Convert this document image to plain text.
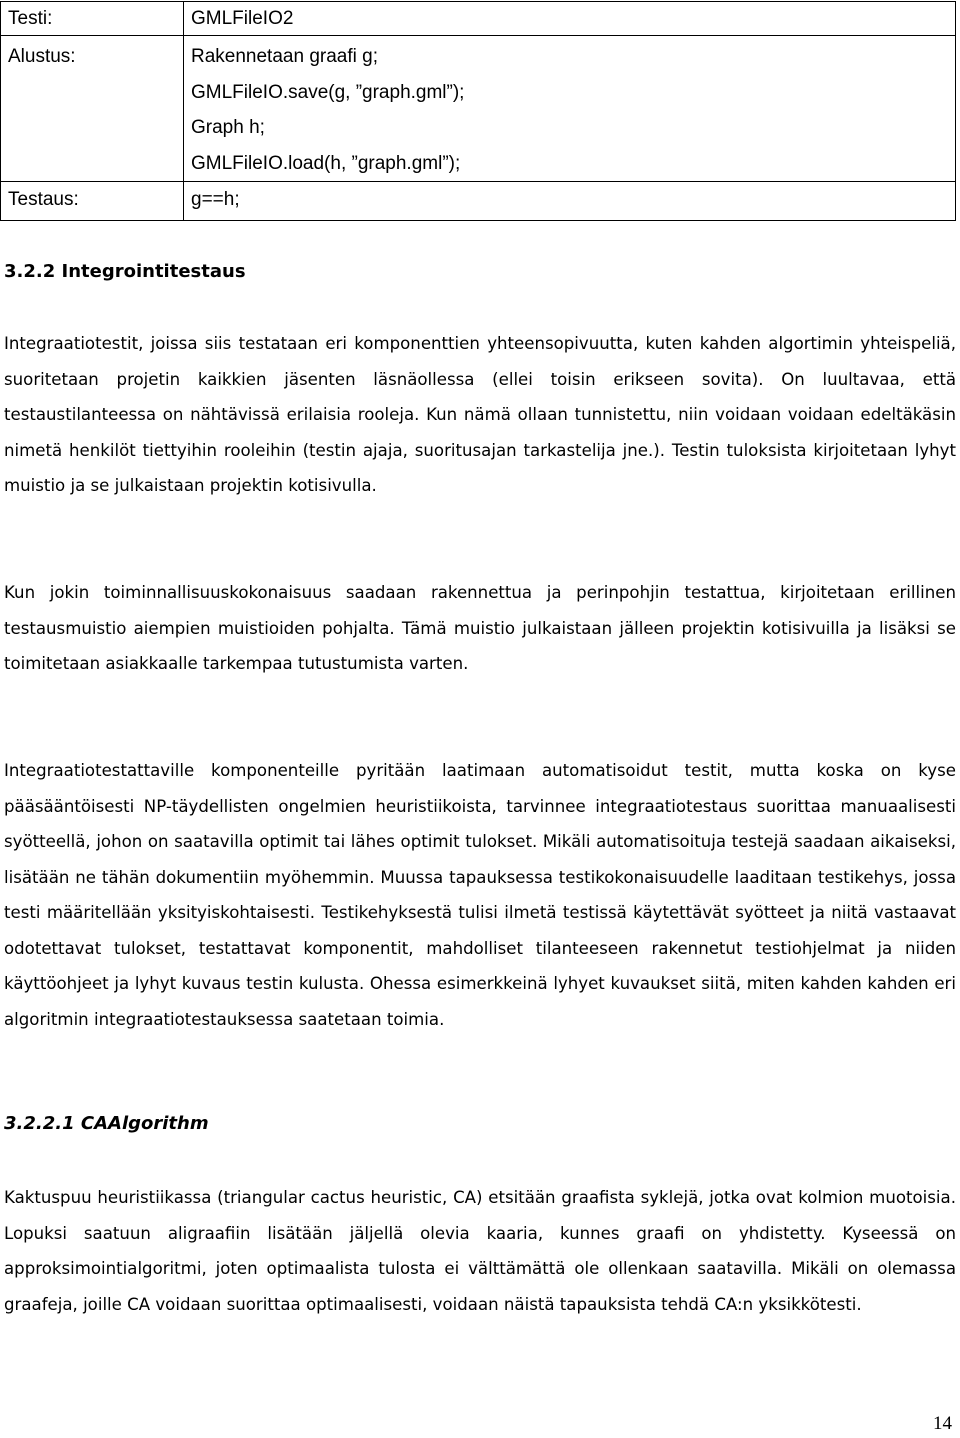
Testi:	GMLFileIO2
Alustus:	Rakennetaan graafi g;
GMLFileIO.save(g, ”graph.gml”);
Graph h;
GMLFileIO.load(h, ”graph.gml”);

Testaus:	g==h;
3.2.2 Integrointitestaus

Integraatiotestit, joissa siis testataan eri komponenttien yhteensopivuutta, kuten kahden algortimin yhteispeliä, suoritetaan projetin kaikkien jäsenten läsnäollessa (ellei toisin erikseen sovita). On luultavaa, että testaustilanteessa on nähtävissä erilaisia rooleja. Kun nämä ollaan tunnistettu, niin voidaan voidaan edeltäkäsin nimetä henkilöt tiettyihin rooleihin (testin ajaja, suoritusajan tarkastelija jne.). Testin tuloksista kirjoitetaan lyhyt muistio ja se julkaistaan projektin kotisivulla.

Kun jokin toiminnallisuuskokonaisuus saadaan rakennettua ja perinpohjin testattua, kirjoitetaan erillinen testausmuistio aiempien muistioiden pohjalta. Tämä muistio julkaistaan jälleen projektin kotisivuilla ja lisäksi se toimitetaan asiakkaalle tarkempaa tutustumista varten.

Integraatiotestattaville komponenteille pyritään laatimaan automatisoidut testit, mutta koska on kyse pääsääntöisesti NP-täydellisten ongelmien heuristiikoista, tarvinnee integraatiotestaus suorittaa manuaalisesti syötteellä, johon on saatavilla optimit tai lähes optimit tulokset. Mikäli automatisoituja testejä saadaan aikaiseksi, lisätään ne tähän dokumentiin myöhemmin. Muussa tapauksessa testikokonaisuudelle laaditaan testikehys, jossa testi määritellään yksityiskohtaisesti. Testikehyksestä tulisi ilmetä testissä käytettävät syötteet ja niitä vastaavat odotettavat tulokset, testattavat komponentit, mahdolliset tilanteeseen rakennetut testiohjelmat ja niiden käyttöohjeet ja lyhyt kuvaus testin kulusta. Ohessa esimerkkeinä lyhyet kuvaukset siitä, miten kahden kahden eri algoritmin integraatiotestauksessa saatetaan toimia.

3.2.2.1 CAAlgorithm

Kaktuspuu heuristiikassa (triangular cactus heuristic, CA) etsitään graafista syklejä, jotka ovat kolmion muotoisia. Lopuksi saatuun aligraafiin lisätään jäljellä olevia kaaria, kunnes graafi on yhdistetty. Kyseessä on approksimointialgoritmi, joten optimaalista tulosta ei välttämättä ole ollenkaan saatavilla. Mikäli on olemassa graafeja, joille CA voidaan suorittaa optimaalisesti, voidaan näistä tapauksista tehdä CA:n yksikkötesti.

14
